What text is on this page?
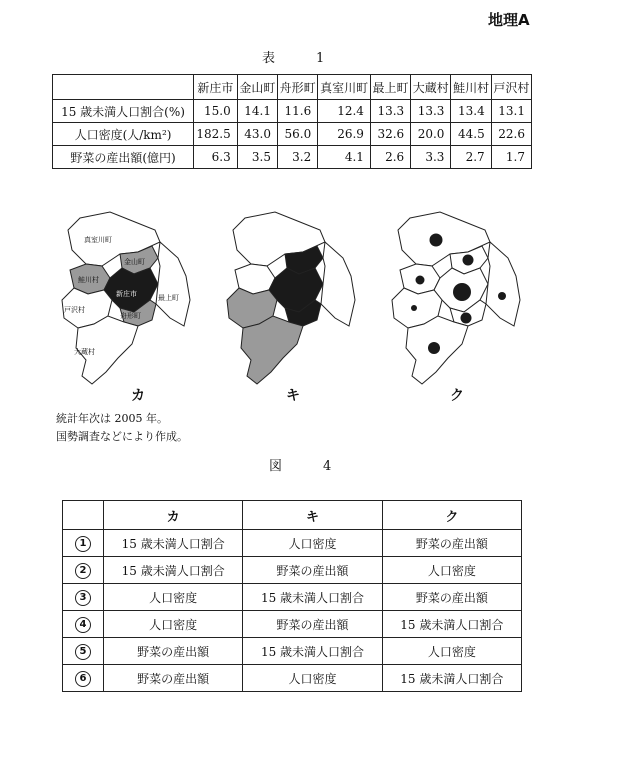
地理A
表　1
	新庄市	金山町	舟形町	真室川町	最上町	大蔵村	鮭川村	戸沢村
15 歳未満人口割合(%)	15.0	14.1	11.6	12.4	13.3	13.3	13.4	13.1
人口密度(人/km²)	182.5	43.0	56.0	26.9	32.6	20.0	44.5	22.6
野菜の産出額(億円)	6.3	3.5	3.2	4.1	2.6	3.3	2.7	1.7
真室川町
金山町
鮭川村
新庄市	最上町
戸沢村
舟形町
大蔵村
カ	キ	ク
統計年次は 2005 年。
国勢調査などにより作成。
図　4
	カ	キ	ク
1	15 歳未満人口割合	人口密度	野菜の産出額
2	15 歳未満人口割合	野菜の産出額	人口密度
3	人口密度	15 歳未満人口割合	野菜の産出額
4	人口密度	野菜の産出額	15 歳未満人口割合
5	野菜の産出額	15 歳未満人口割合	人口密度
6	野菜の産出額	人口密度	15 歳未満人口割合
